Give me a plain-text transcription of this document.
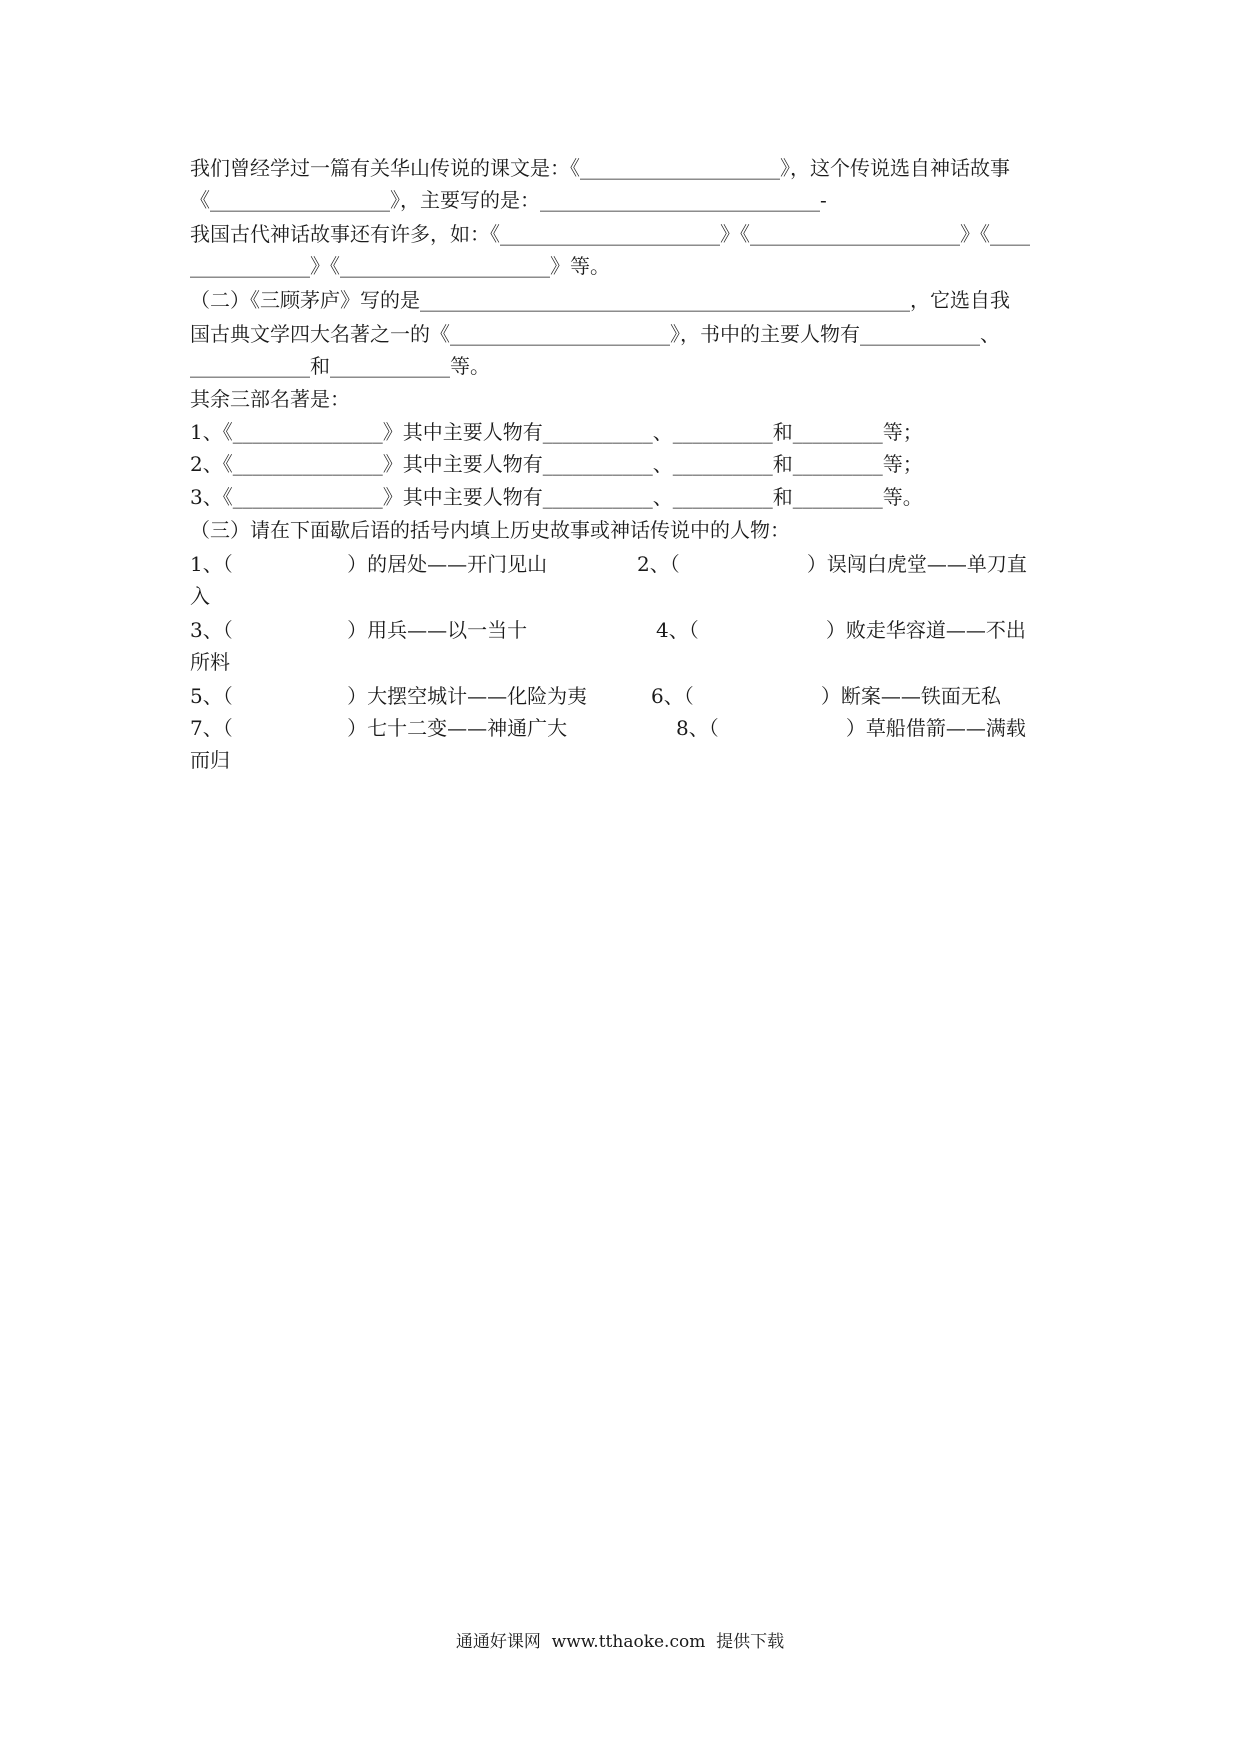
我们曾经学过一篇有关华山传说的课文是：《____________________》，这个传说选自神话故事
《__________________》，主要写的是：____________________________-
我国古代神话故事还有许多，如：《______________________》《_____________________》《____
____________》《_____________________》等。
（二）《三顾茅庐》写的是_________________________________________________，它选自我
国古典文学四大名著之一的《______________________》，书中的主要人物有____________、
____________和____________等。
其余三部名著是：
1、《_______________》其中主要人物有___________、__________和_________等；
2、《_______________》其中主要人物有___________、__________和_________等；
3、《_______________》其中主要人物有___________、__________和_________等。
（三）请在下面歇后语的括号内填上历史故事或神话传说中的人物：
1、（                  ）的居处——开门见山	2、（                    ）误闯白虎堂——单刀直
入
3、（                  ）用兵——以一当十	4、（                    ）败走华容道——不出
所料
5、（                  ）大摆空城计——化险为夷	6、（                    ）断案——铁面无私
7、（                  ）七十二变——神通广大	8、（                    ）草船借箭——满载
而归
通通好课网  www.tthaoke.com  提供下载
